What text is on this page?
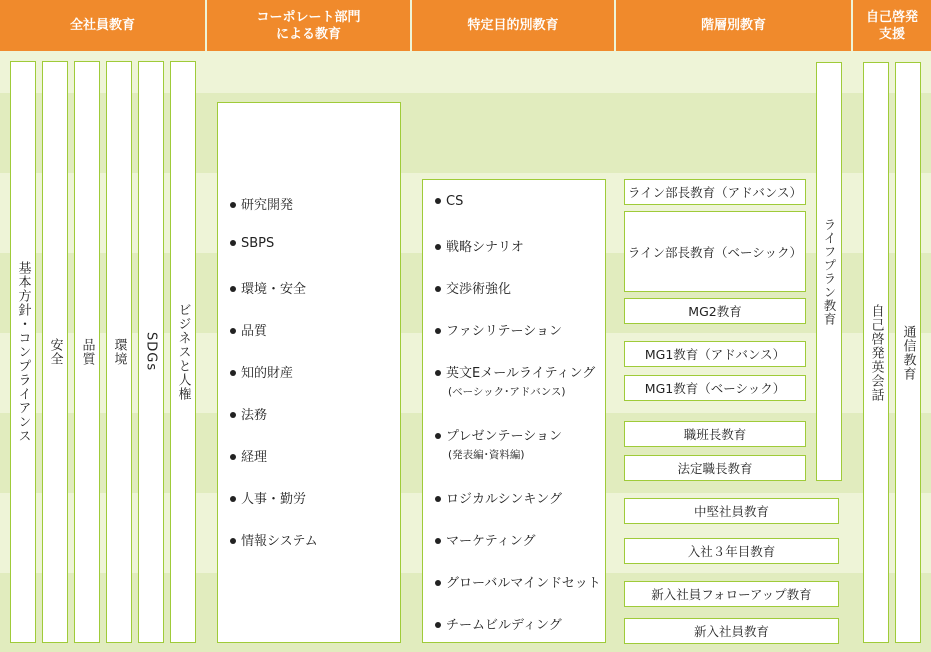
全社員教育
コーポレート部門
による教育
特定目的別教育	階層別教育
自己啓発
支援
基本方針・コンプライアンス 安全 品質 環境 SDGs ビジネスと人権
研究開発
SBPS
環境・安全
品質
知的財産
法務
経理
人事・勤労
情報システム
CS
戦略シナリオ
交渉術強化
ファシリテーション
英文Eメールライティング
(ベーシック･アドバンス)
プレゼンテーション
(発表編･資料編)
ロジカルシンキング
マーケティング
グローバルマインドセット
チームビルディング
ライン部長教育（アドバンス）
ライン部長教育（ベーシック）
MG2教育
MG1教育（アドバンス）
MG1教育（ベーシック）
職班長教育
法定職長教育
中堅社員教育
入社３年目教育
新入社員フォローアップ教育
新入社員教育
ライフプラン教育
自己啓発英会話 通信教育
